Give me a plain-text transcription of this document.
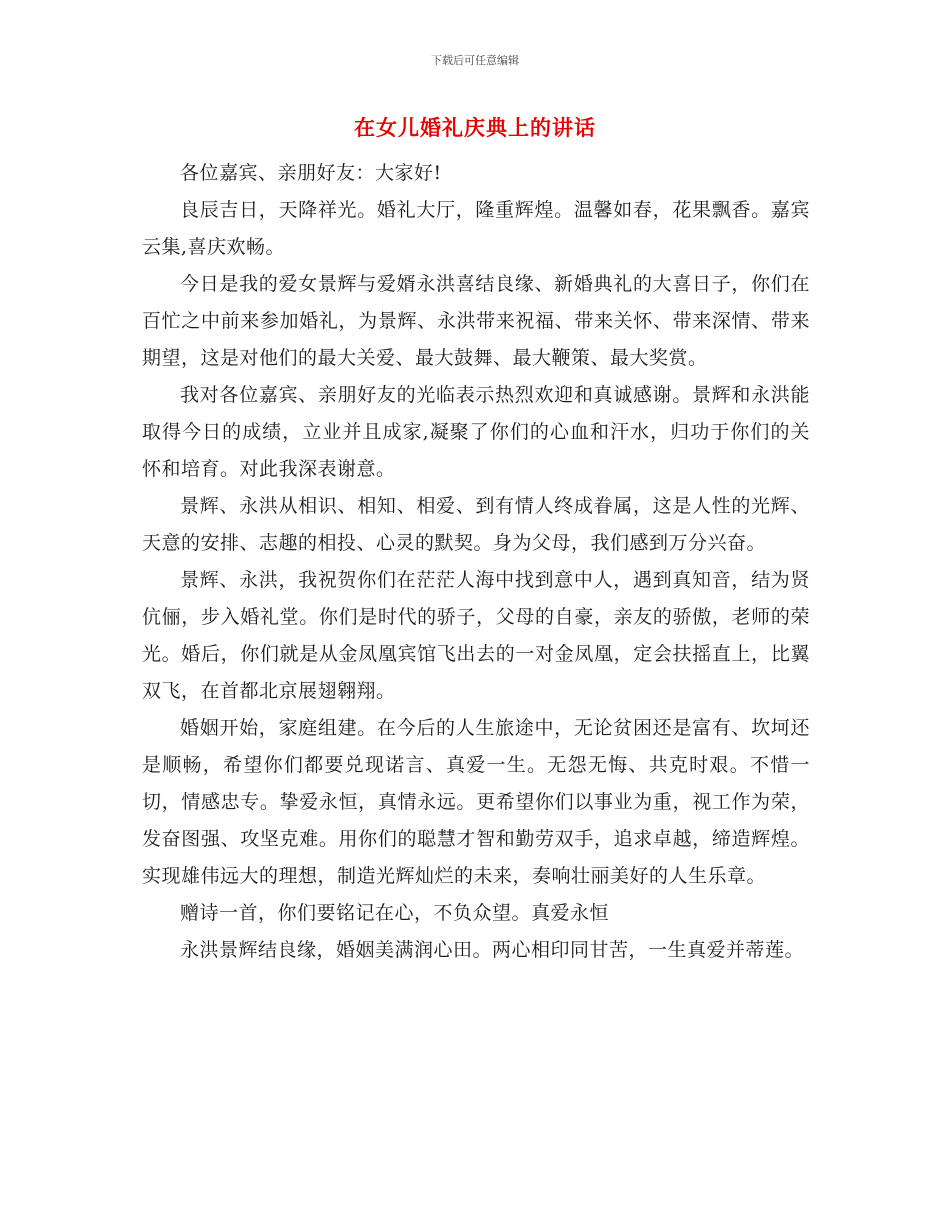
下载后可任意编辑
在女儿婚礼庆典上的讲话

各位嘉宾、亲朋好友：大家好!

良辰吉日，天降祥光。婚礼大厅，隆重辉煌。温馨如春，花果飘香。嘉宾云集,喜庆欢畅。

今日是我的爱女景辉与爱婿永洪喜结良缘、新婚典礼的大喜日子，你们在百忙之中前来参加婚礼，为景辉、永洪带来祝福、带来关怀、带来深情、带来期望，这是对他们的最大关爱、最大鼓舞、最大鞭策、最大奖赏。

我对各位嘉宾、亲朋好友的光临表示热烈欢迎和真诚感谢。景辉和永洪能取得今日的成绩，立业并且成家,凝聚了你们的心血和汗水，归功于你们的关怀和培育。对此我深表谢意。

景辉、永洪从相识、相知、相爱、到有情人终成眷属，这是人性的光辉、天意的安排、志趣的相投、心灵的默契。身为父母，我们感到万分兴奋。

景辉、永洪，我祝贺你们在茫茫人海中找到意中人，遇到真知音，结为贤伉俪，步入婚礼堂。你们是时代的骄子，父母的自豪，亲友的骄傲，老师的荣光。婚后，你们就是从金凤凰宾馆飞出去的一对金凤凰，定会扶摇直上，比翼双飞，在首都北京展翅翱翔。

婚姻开始，家庭组建。在今后的人生旅途中，无论贫困还是富有、坎坷还是顺畅，希望你们都要兑现诺言、真爱一生。无怨无悔、共克时艰。不惜一切，情感忠专。挚爱永恒，真情永远。更希望你们以事业为重，视工作为荣，发奋图强、攻坚克难。用你们的聪慧才智和勤劳双手，追求卓越，缔造辉煌。实现雄伟远大的理想，制造光辉灿烂的未来，奏响壮丽美好的人生乐章。

赠诗一首，你们要铭记在心，不负众望。真爱永恒

永洪景辉结良缘，婚姻美满润心田。两心相印同甘苦，一生真爱并蒂莲。
